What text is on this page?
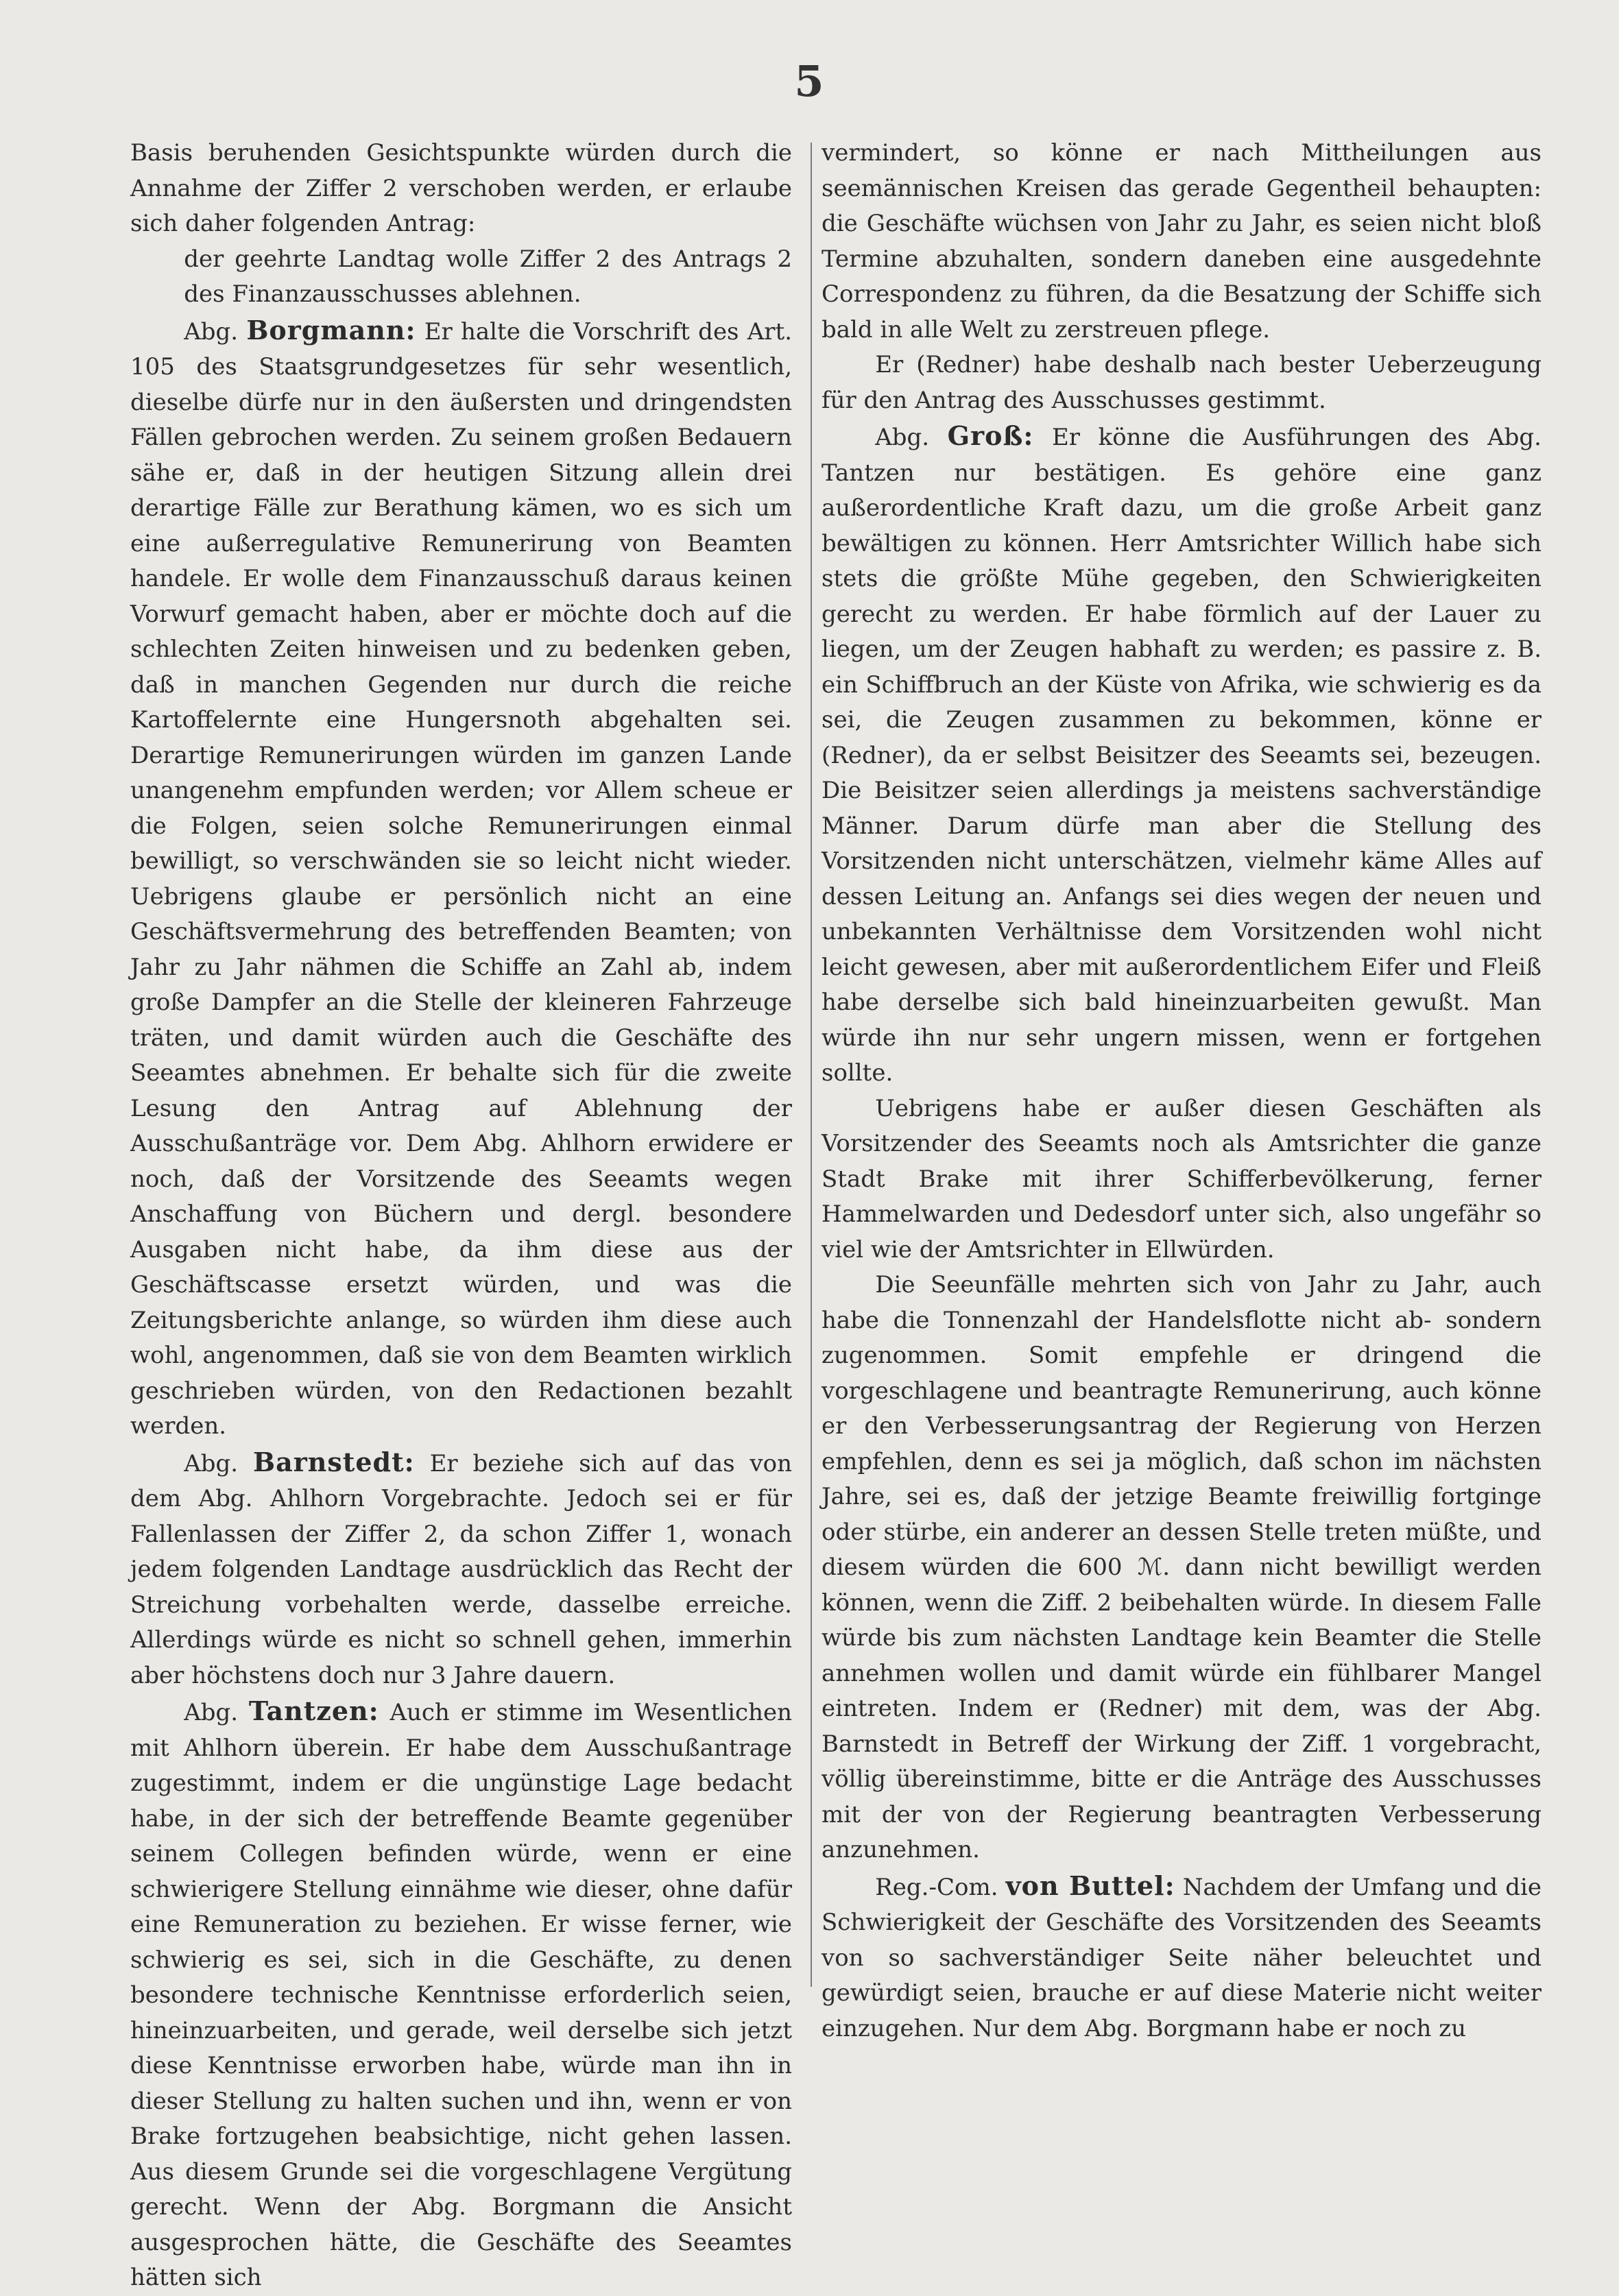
5

Basis beruhenden Gesichtspunkte würden durch die Annahme der Ziffer 2 verschoben werden, er erlaube sich daher folgenden Antrag:

der geehrte Landtag wolle Ziffer 2 des Antrags 2 des Finanzausschusses ablehnen.

Abg. Borgmann: Er halte die Vorschrift des Art. 105 des Staatsgrundgesetzes für sehr wesentlich, dieselbe dürfe nur in den äußersten und dringendsten Fällen gebrochen werden. Zu seinem großen Bedauern sähe er, daß in der heutigen Sitzung allein drei derartige Fälle zur Berathung kämen, wo es sich um eine außerregulative Remunerirung von Beamten handele. Er wolle dem Finanzausschuß daraus keinen Vorwurf gemacht haben, aber er möchte doch auf die schlechten Zeiten hinweisen und zu bedenken geben, daß in manchen Gegenden nur durch die reiche Kartoffelernte eine Hungersnoth abgehalten sei. Derartige Remunerirungen würden im ganzen Lande unangenehm empfunden werden; vor Allem scheue er die Folgen, seien solche Remunerirungen einmal bewilligt, so verschwänden sie so leicht nicht wieder. Uebrigens glaube er persönlich nicht an eine Geschäftsvermehrung des betreffenden Beamten; von Jahr zu Jahr nähmen die Schiffe an Zahl ab, indem große Dampfer an die Stelle der kleineren Fahrzeuge träten, und damit würden auch die Geschäfte des Seeamtes abnehmen. Er behalte sich für die zweite Lesung den Antrag auf Ablehnung der Ausschußanträge vor. Dem Abg. Ahlhorn erwidere er noch, daß der Vorsitzende des Seeamts wegen Anschaffung von Büchern und dergl. besondere Ausgaben nicht habe, da ihm diese aus der Geschäftscasse ersetzt würden, und was die Zeitungsberichte anlange, so würden ihm diese auch wohl, angenommen, daß sie von dem Beamten wirklich geschrieben würden, von den Redactionen bezahlt werden.

Abg. Barnstedt: Er beziehe sich auf das von dem Abg. Ahlhorn Vorgebrachte. Jedoch sei er für Fallenlassen der Ziffer 2, da schon Ziffer 1, wonach jedem folgenden Landtage ausdrücklich das Recht der Streichung vorbehalten werde, dasselbe erreiche. Allerdings würde es nicht so schnell gehen, immerhin aber höchstens doch nur 3 Jahre dauern.

Abg. Tantzen: Auch er stimme im Wesentlichen mit Ahlhorn überein. Er habe dem Ausschußantrage zugestimmt, indem er die ungünstige Lage bedacht habe, in der sich der betreffende Beamte gegenüber seinem Collegen befinden würde, wenn er eine schwierigere Stellung einnähme wie dieser, ohne dafür eine Remuneration zu beziehen. Er wisse ferner, wie schwierig es sei, sich in die Geschäfte, zu denen besondere technische Kenntnisse erforderlich seien, hineinzuarbeiten, und gerade, weil derselbe sich jetzt diese Kenntnisse erworben habe, würde man ihn in dieser Stellung zu halten suchen und ihn, wenn er von Brake fortzugehen beabsichtige, nicht gehen lassen. Aus diesem Grunde sei die vorgeschlagene Vergütung gerecht. Wenn der Abg. Borgmann die Ansicht ausgesprochen hätte, die Geschäfte des Seeamtes hätten sich

vermindert, so könne er nach Mittheilungen aus seemännischen Kreisen das gerade Gegentheil behaupten: die Geschäfte wüchsen von Jahr zu Jahr, es seien nicht bloß Termine abzuhalten, sondern daneben eine ausgedehnte Correspondenz zu führen, da die Besatzung der Schiffe sich bald in alle Welt zu zerstreuen pflege.

Er (Redner) habe deshalb nach bester Ueberzeugung für den Antrag des Ausschusses gestimmt.

Abg. Groß: Er könne die Ausführungen des Abg. Tantzen nur bestätigen. Es gehöre eine ganz außerordentliche Kraft dazu, um die große Arbeit ganz bewältigen zu können. Herr Amtsrichter Willich habe sich stets die größte Mühe gegeben, den Schwierigkeiten gerecht zu werden. Er habe förmlich auf der Lauer zu liegen, um der Zeugen habhaft zu werden; es passire z. B. ein Schiffbruch an der Küste von Afrika, wie schwierig es da sei, die Zeugen zusammen zu bekommen, könne er (Redner), da er selbst Beisitzer des Seeamts sei, bezeugen. Die Beisitzer seien allerdings ja meistens sachverständige Männer. Darum dürfe man aber die Stellung des Vorsitzenden nicht unterschätzen, vielmehr käme Alles auf dessen Leitung an. Anfangs sei dies wegen der neuen und unbekannten Verhältnisse dem Vorsitzenden wohl nicht leicht gewesen, aber mit außerordentlichem Eifer und Fleiß habe derselbe sich bald hineinzuarbeiten gewußt. Man würde ihn nur sehr ungern missen, wenn er fortgehen sollte.

Uebrigens habe er außer diesen Geschäften als Vorsitzender des Seeamts noch als Amtsrichter die ganze Stadt Brake mit ihrer Schifferbevölkerung, ferner Hammelwarden und Dedesdorf unter sich, also ungefähr so viel wie der Amtsrichter in Ellwürden.

Die Seeunfälle mehrten sich von Jahr zu Jahr, auch habe die Tonnenzahl der Handelsflotte nicht ab- sondern zugenommen. Somit empfehle er dringend die vorgeschlagene und beantragte Remunerirung, auch könne er den Verbesserungsantrag der Regierung von Herzen empfehlen, denn es sei ja möglich, daß schon im nächsten Jahre, sei es, daß der jetzige Beamte freiwillig fortginge oder stürbe, ein anderer an dessen Stelle treten müßte, und diesem würden die 600 ℳ. dann nicht bewilligt werden können, wenn die Ziff. 2 beibehalten würde. In diesem Falle würde bis zum nächsten Landtage kein Beamter die Stelle annehmen wollen und damit würde ein fühlbarer Mangel eintreten. Indem er (Redner) mit dem, was der Abg. Barnstedt in Betreff der Wirkung der Ziff. 1 vorgebracht, völlig übereinstimme, bitte er die Anträge des Ausschusses mit der von der Regierung beantragten Verbesserung anzunehmen.

Reg.-Com. von Buttel: Nachdem der Umfang und die Schwierigkeit der Geschäfte des Vorsitzenden des Seeamts von so sachverständiger Seite näher beleuchtet und gewürdigt seien, brauche er auf diese Materie nicht weiter einzugehen. Nur dem Abg. Borgmann habe er noch zu
